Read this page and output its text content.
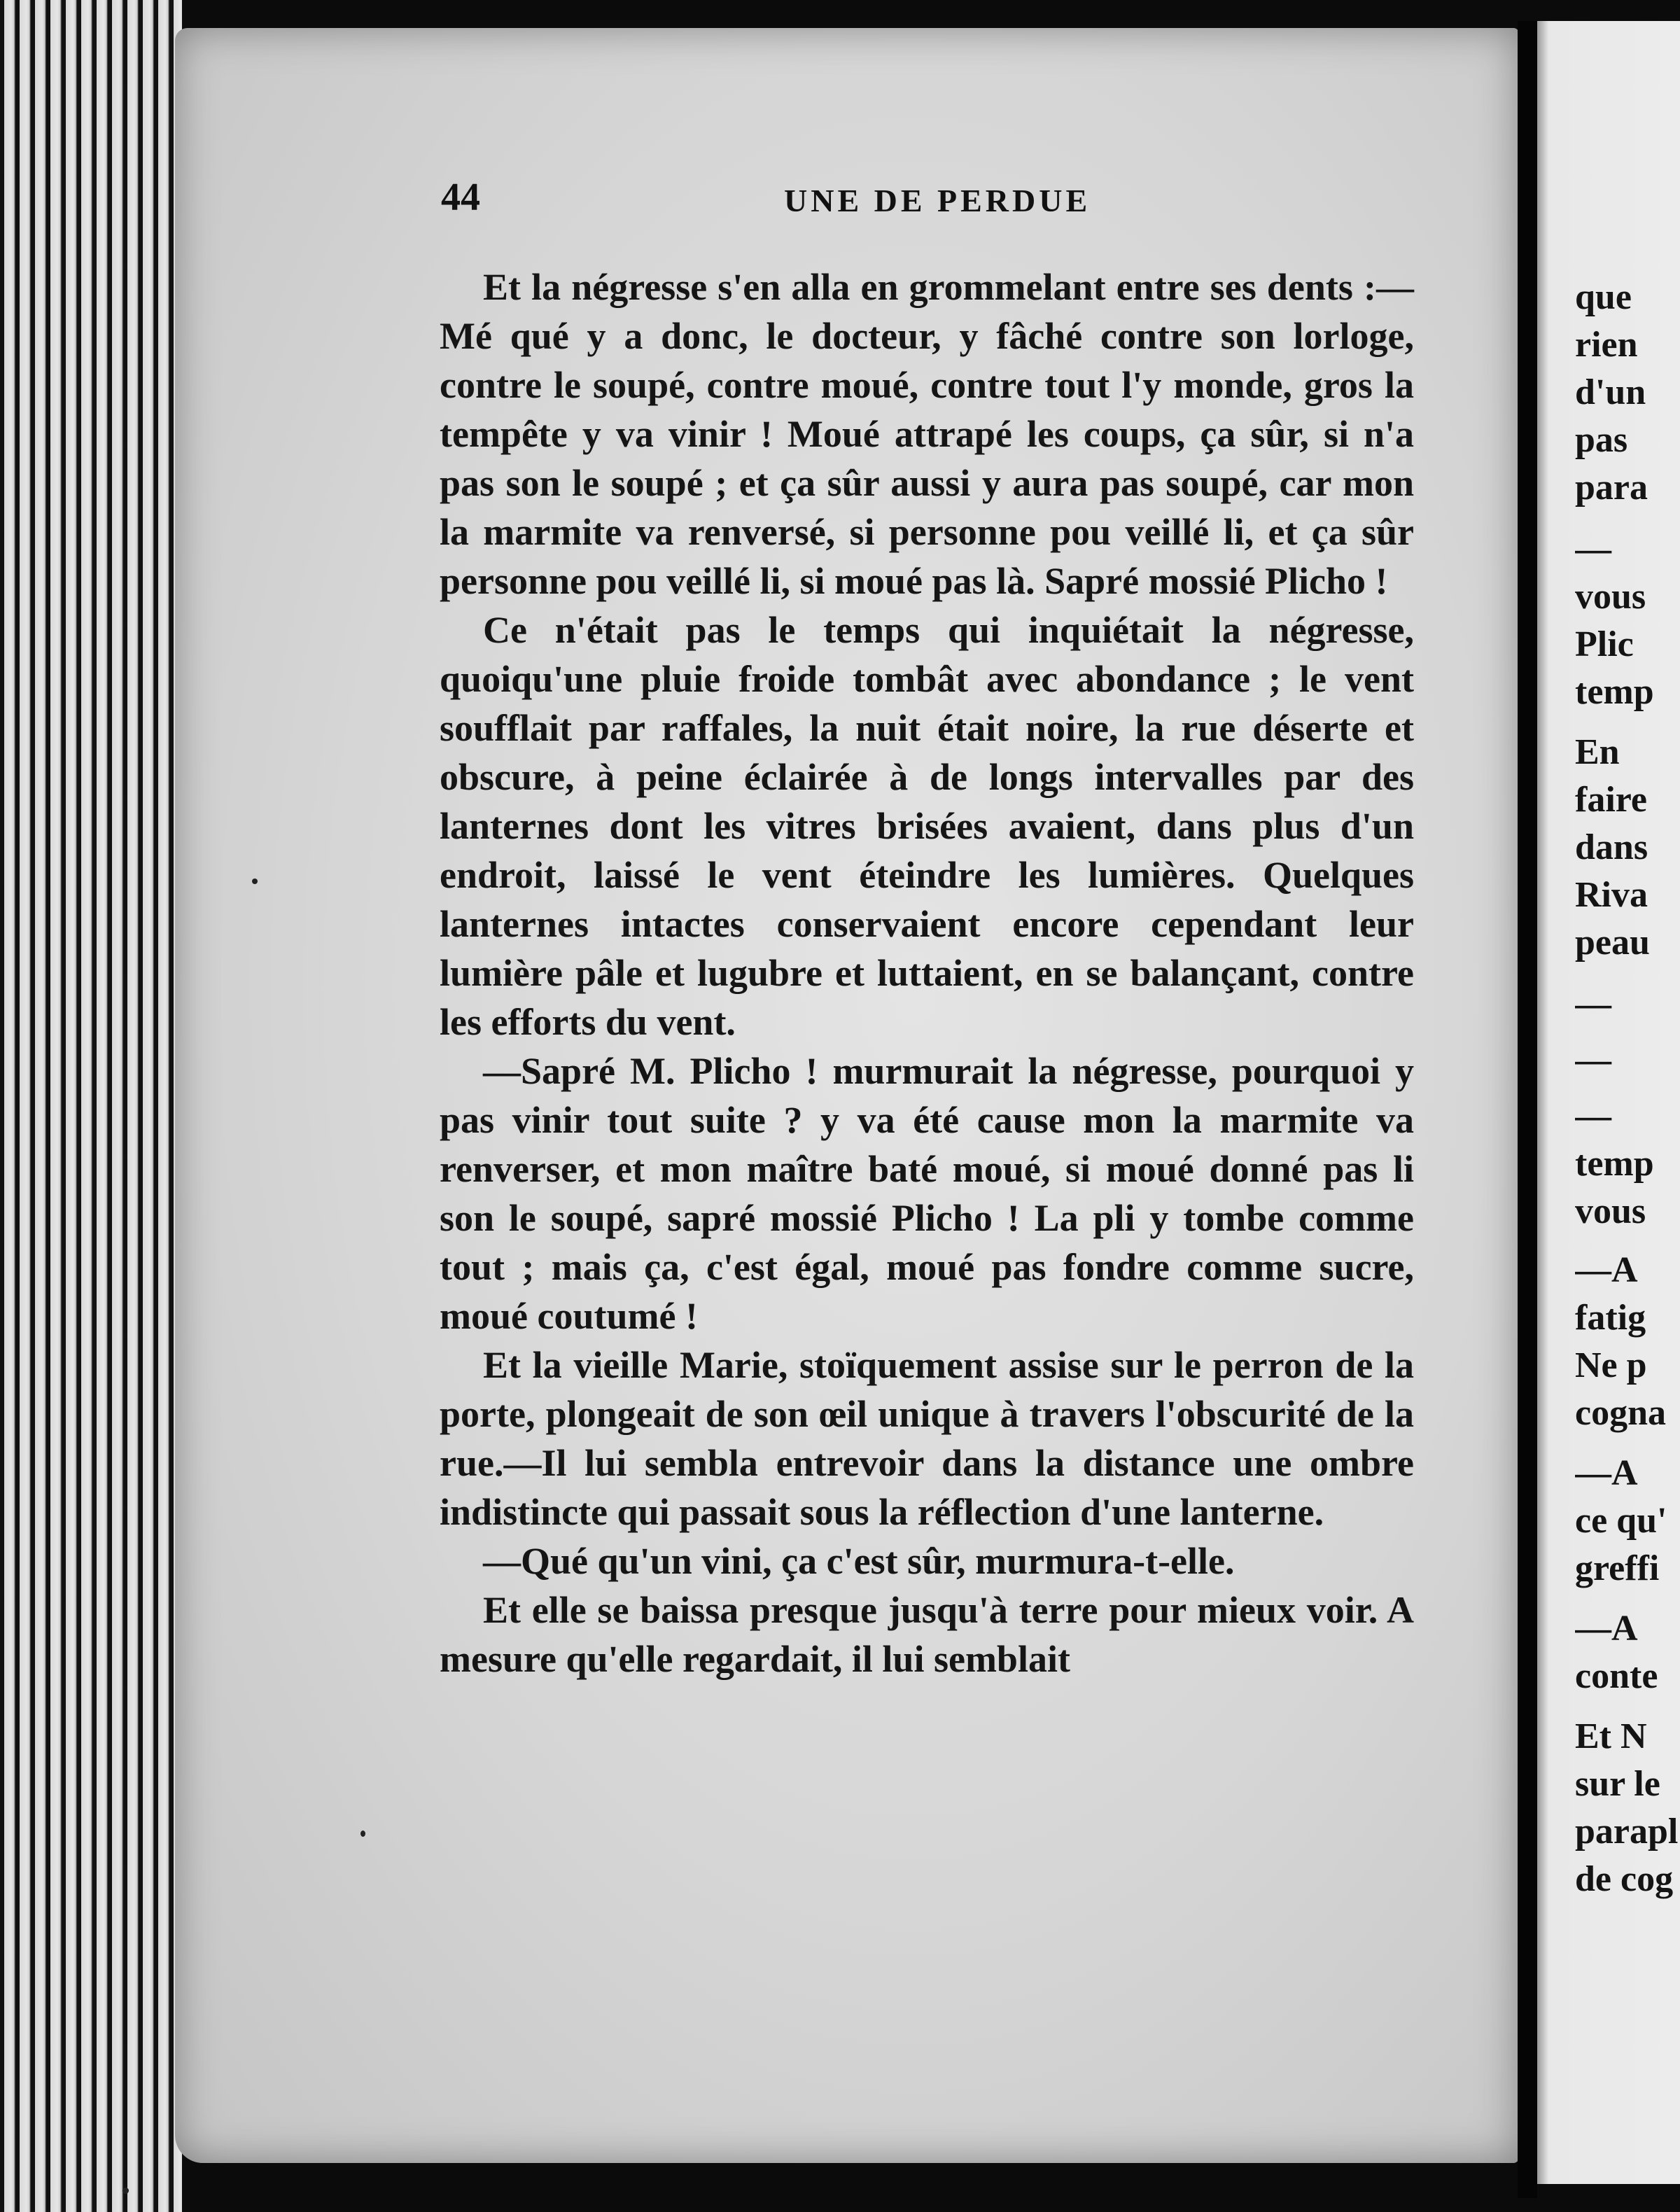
que
rien
d'un
pas
para
—
vous
Plic
temp
En
faire
dans
Riva
peau
—
—
—
temp
vous
—A
fatig
Ne p
cogna
—A
ce qu'
greffi
—A
conte
Et N
sur le
parapl
de cog
44	UNE DE PERDUE

Et la négresse s'en alla en grommelant entre ses dents :—Mé qué y a donc, le docteur, y fâché contre son lorloge, contre le soupé, contre moué, contre tout l'y monde, gros la tempête y va vinir ! Moué attrapé les coups, ça sûr, si n'a pas son le soupé ; et ça sûr aussi y aura pas soupé, car mon la marmite va renversé, si personne pou veillé li, et ça sûr personne pou veillé li, si moué pas là. Sapré mossié Plicho !

Ce n'était pas le temps qui inquiétait la négresse, quoiqu'une pluie froide tombât avec abondance ; le vent soufflait par raffales, la nuit était noire, la rue déserte et obscure, à peine éclairée à de longs intervalles par des lanternes dont les vitres brisées avaient, dans plus d'un endroit, laissé le vent éteindre les lumières. Quelques lanternes intactes conservaient encore cependant leur lumière pâle et lugubre et luttaient, en se balançant, contre les efforts du vent.

—Sapré M. Plicho ! murmurait la négresse, pourquoi y pas vinir tout suite ? y va été cause mon la marmite va renverser, et mon maître baté moué, si moué donné pas li son le soupé, sapré mossié Plicho ! La pli y tombe comme tout ; mais ça, c'est égal, moué pas fondre comme sucre, moué coutumé !

Et la vieille Marie, stoïquement assise sur le perron de la porte, plongeait de son œil unique à travers l'obscurité de la rue.—Il lui sembla entrevoir dans la distance une ombre indistincte qui passait sous la réflection d'une lanterne.

—Qué qu'un vini, ça c'est sûr, murmura-t-elle.

Et elle se baissa presque jusqu'à terre pour mieux voir. A mesure qu'elle regardait, il lui semblait
